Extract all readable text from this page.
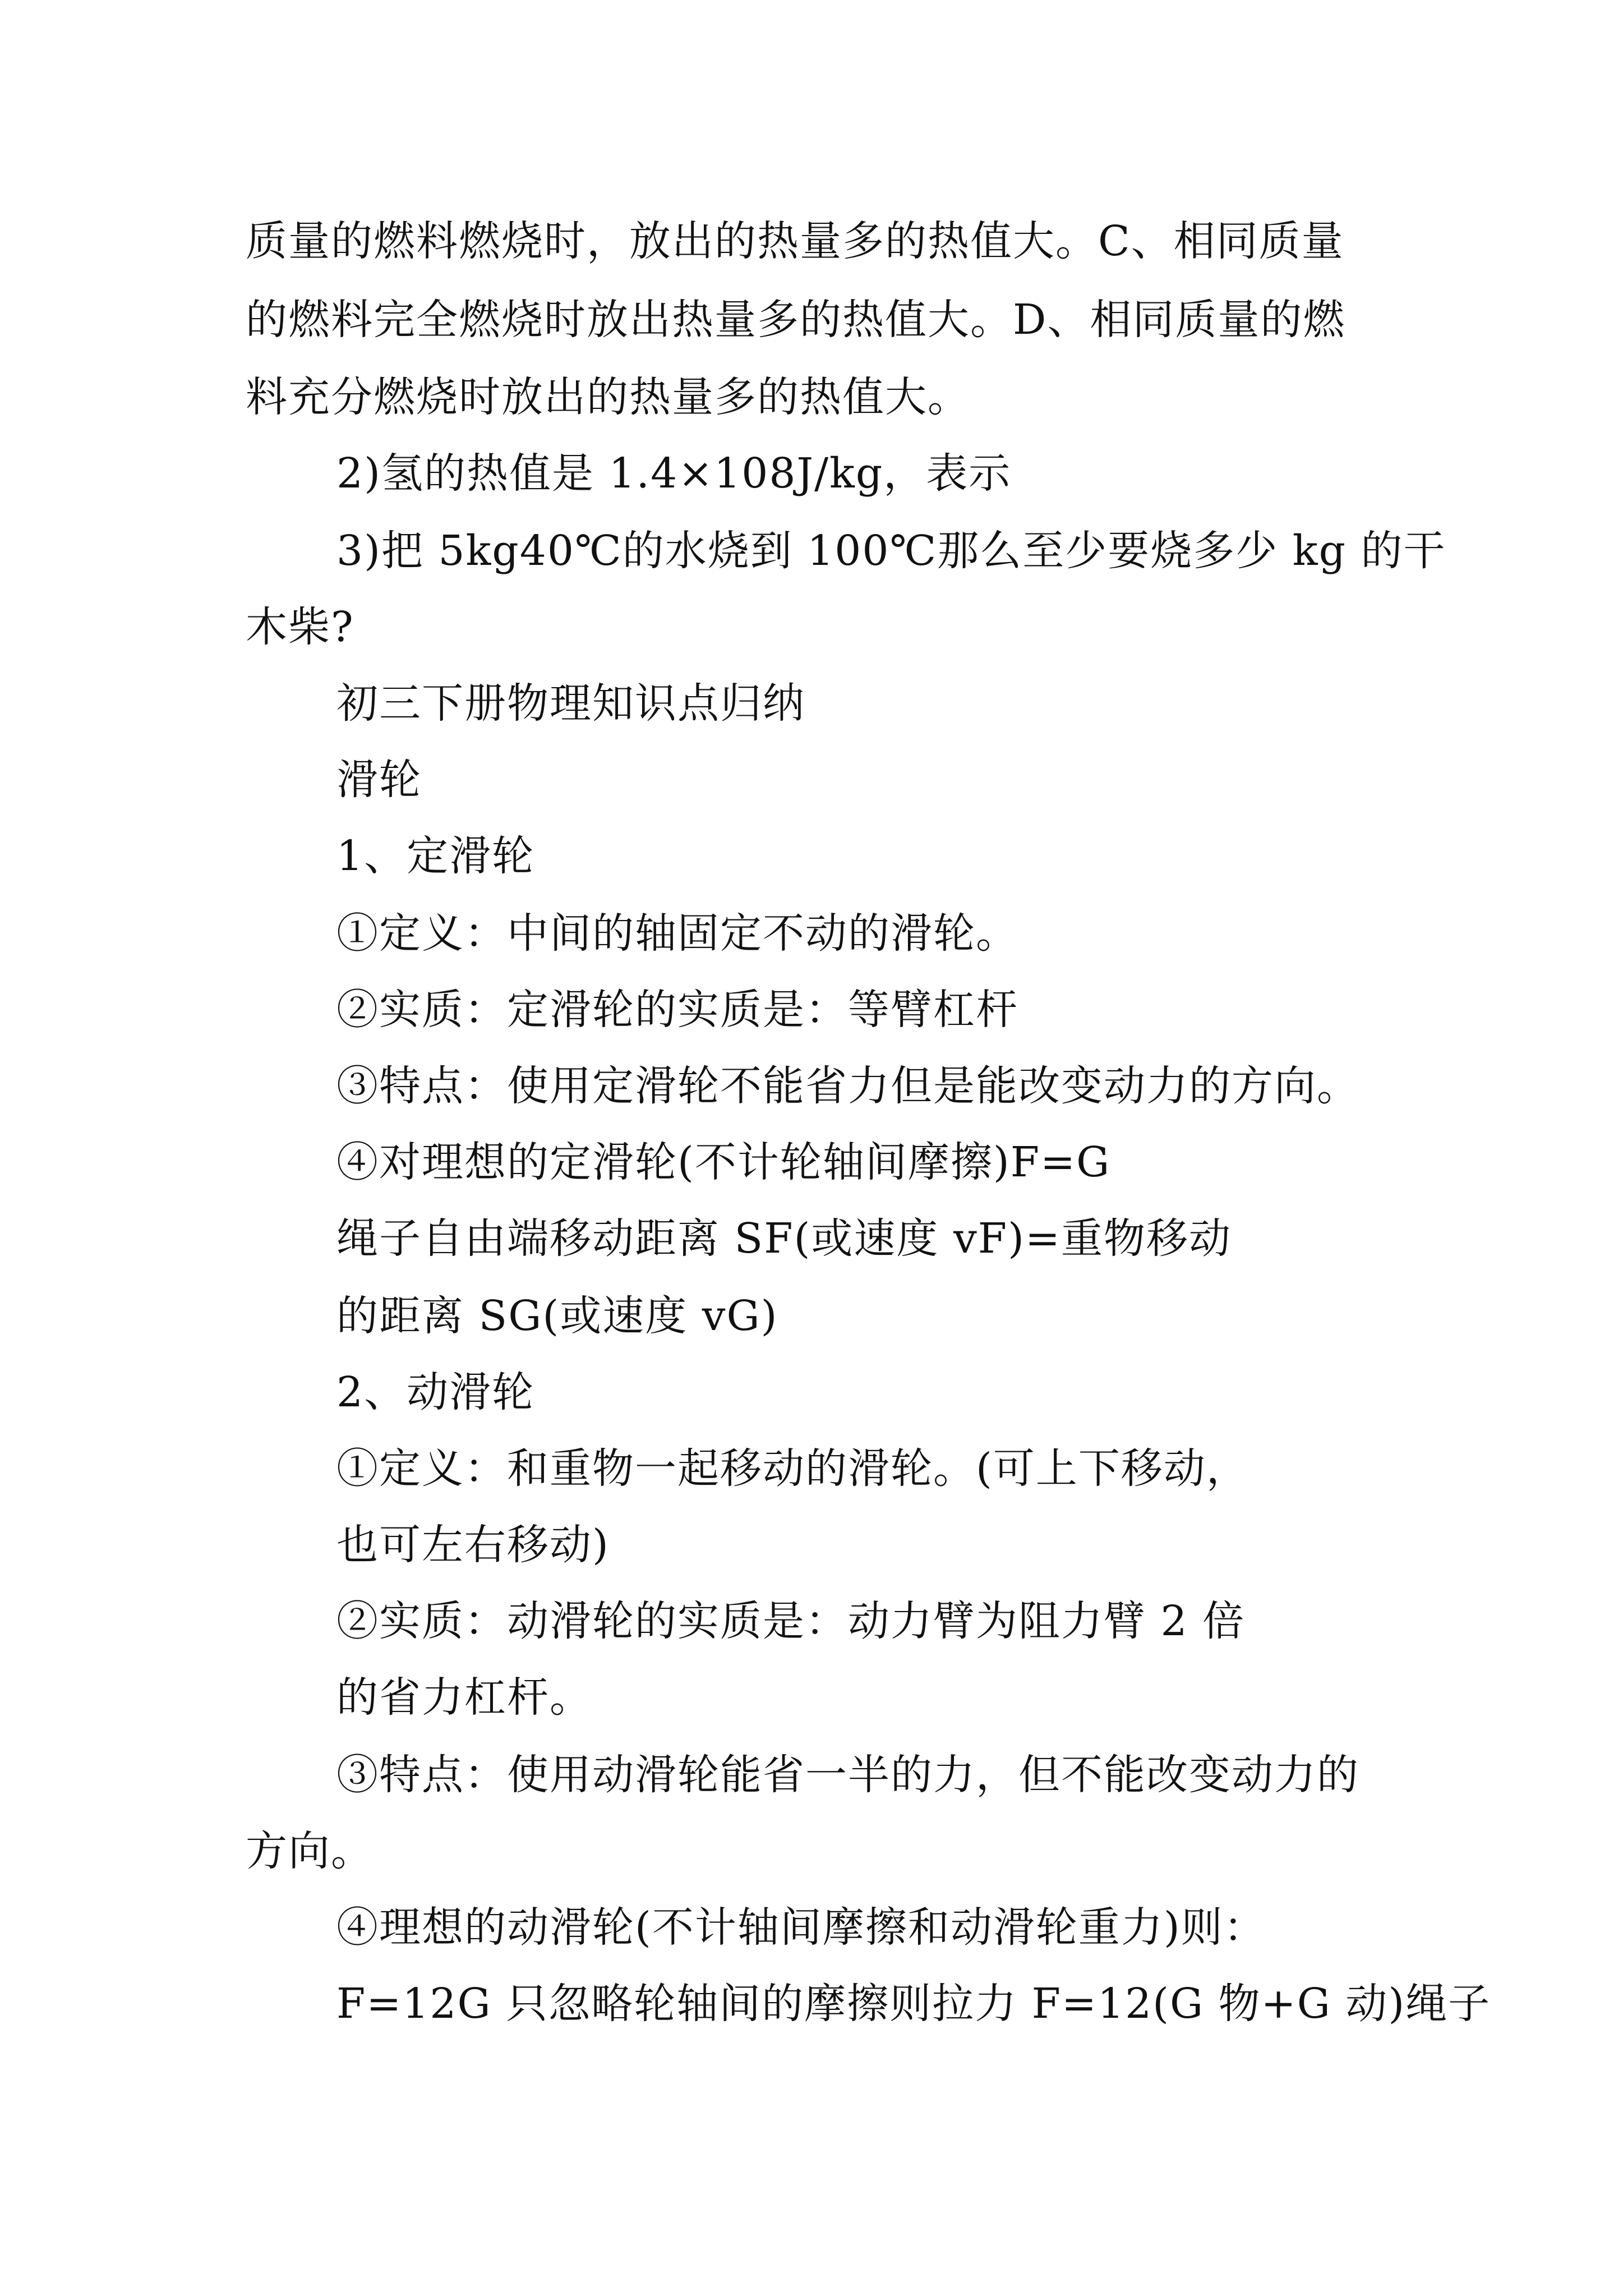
质量的燃料燃烧时，放出的热量多的热值大。C、相同质量
的燃料完全燃烧时放出热量多的热值大。D、相同质量的燃
料充分燃烧时放出的热量多的热值大。
2)氢的热值是 1.4×108J/kg，表示
3)把 5kg40℃的水烧到 100℃那么至少要烧多少 kg 的干
木柴?
初三下册物理知识点归纳
滑轮
1、定滑轮
①定义：中间的轴固定不动的滑轮。
②实质：定滑轮的实质是：等臂杠杆
③特点：使用定滑轮不能省力但是能改变动力的方向。
④对理想的定滑轮(不计轮轴间摩擦)F=G
绳子自由端移动距离 SF(或速度 vF)=重物移动
的距离 SG(或速度 vG)
2、动滑轮
①定义：和重物一起移动的滑轮。(可上下移动，
也可左右移动)
②实质：动滑轮的实质是：动力臂为阻力臂 2 倍
的省力杠杆。
③特点：使用动滑轮能省一半的力，但不能改变动力的
方向。
④理想的动滑轮(不计轴间摩擦和动滑轮重力)则：
F=12G 只忽略轮轴间的摩擦则拉力 F=12(G 物+G 动)绳子
